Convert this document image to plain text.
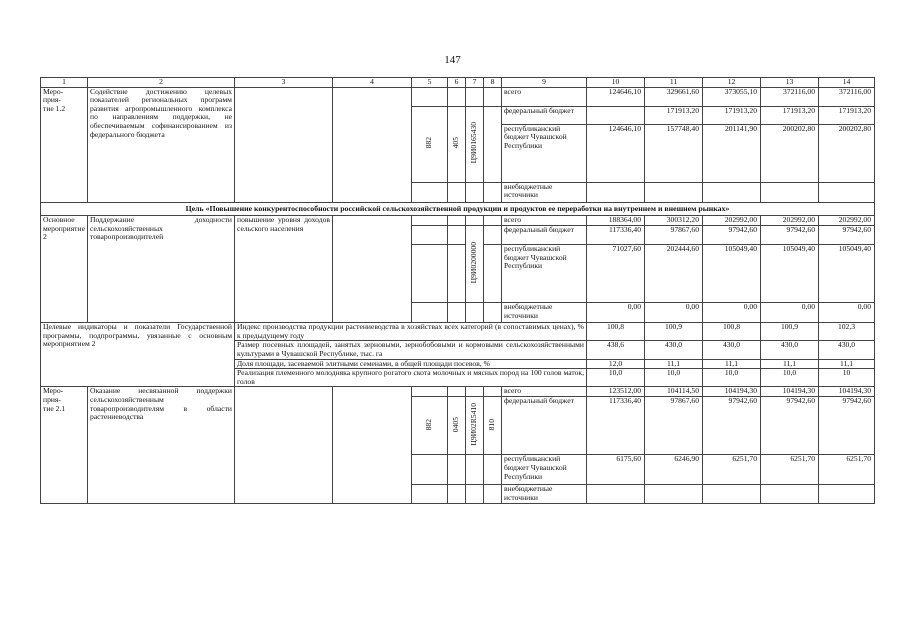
147
1	2	3	4	5	6	7	8	9	10	11	12	13	14
Меро-
прия-
тие 1.2	Содействие достижению целевых показателей региональных программ развития агропромышленного комплекса по направлениям поддержки, не обеспечиваемым софинансированием из федерального бюджета							всего	124646,10	329661,60	373055,10	372116,00	372116,00
				882	405	Ц9И0165430		федеральный бюджет		171913,20	171913,20	171913,20	171913,20
								республиканский бюджет Чувашской Республики	124646,10	157748,40	201141,90	200202,80	200202,80
								внебюджетные источники					
Цель «Повышение конкурентоспособности российской сельскохозяйственной продукции и продуктов ее переработки на внутреннем и внешнем рынках»													
Основное мероприятие 2	Поддержание доходности сельскохозяйственных товаропроизводителей	повышение уровня доходов сельского населения						всего	188364,00	300312,20	202992,00	202992,00	202992,00
						Ц9И0200000		федеральный бюджет	117336,40	97867,60	97942,60	97942,60	97942,60
								республиканский бюджет Чувашской Республики	71027,60	202444,60	105049,40	105049,40	105049,40
								внебюджетные источники	0,00	0,00	0,00	0,00	0,00
Целевые индикаторы и показатели Государственной программы, подпрограммы, увязанные с основным мероприятием 2		Индекс производства продукции растениеводства в хозяйствах всех категорий (в сопоставимых ценах), % к предыдущему году							100,8	100,9	100,8	100,9	102,3
		Размер посевных площадей, занятых зерновыми, зернобобовыми и кормовыми сельскохозяйственными культурами в Чувашской Республике, тыс. га							438,6	430,0	430,0	430,0	430,0
		Доля площади, засеваемой элитными семенами, в общей площади посевов, %							12,0	11,1	11,1	11,1	11,1
		Реализация племенного молодняка крупного рогатого скота молочных и мясных пород на 100 голов маток, голов							10,0	10,0	10,0	10,0	10
Меро-
прия-
тие 2.1	Оказание несвязанной поддержки сельскохозяйственным товаропроизводителям в области растениеводства							всего	123512,00	104114,50	104194,30	104194,30	104194,30
				882	0405	Ц9И02R5410	810	федеральный бюджет	117336,40	97867,60	97942,60	97942,60	97942,60
								республиканский бюджет Чувашской Республики	6175,60	6246,90	6251,70	6251,70	6251,70
								внебюджетные источники					
